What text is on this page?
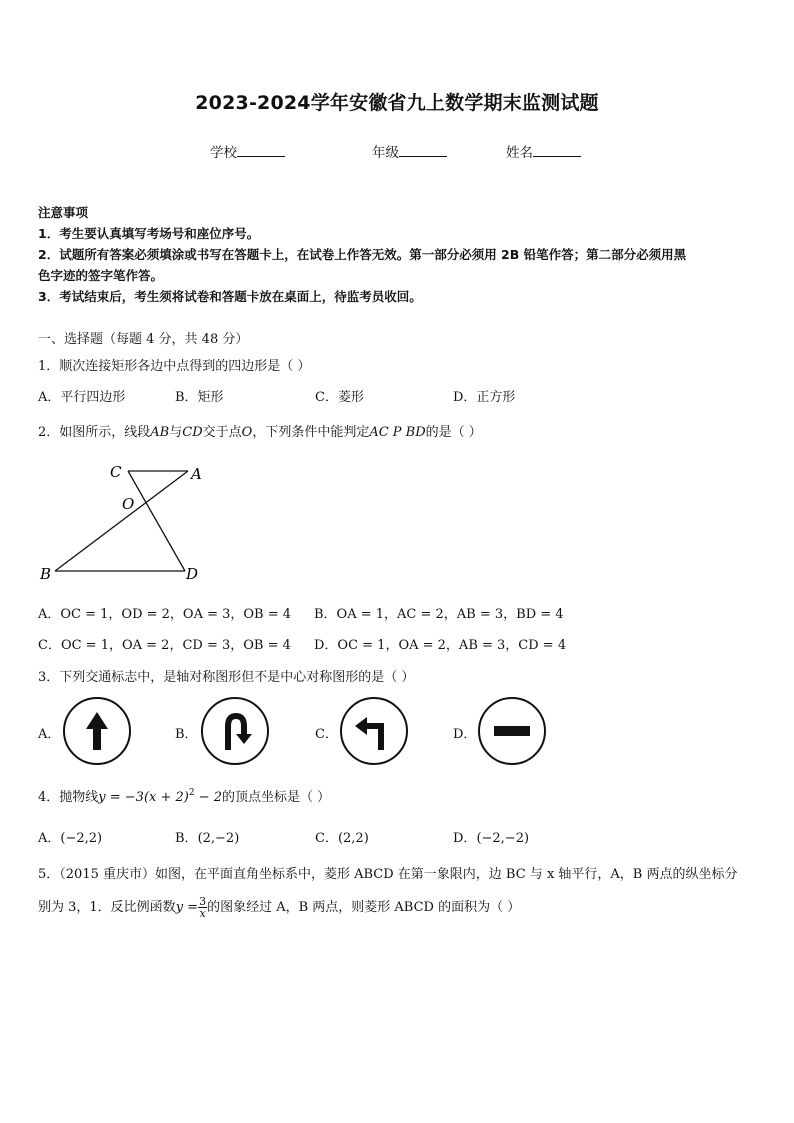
2023-2024学年安徽省九上数学期末监测试题
学校	年级	姓名
注意事项
1．考生要认真填写考场号和座位序号。
2．试题所有答案必须填涂或书写在答题卡上，在试卷上作答无效。第一部分必须用 2B 铅笔作答；第二部分必须用黑
色字迹的签字笔作答。
3．考试结束后，考生须将试卷和答题卡放在桌面上，待监考员收回。
一、选择题（每题 4 分，共 48 分）
1．顺次连接矩形各边中点得到的四边形是（ ）
A．平行四边形	B．矩形	C．菱形	D．正方形
2．如图所示，线段AB与CD交于点O，下列条件中能判定AC P BD的是（ ）
C	A
O
B	D
A．OC = 1，OD = 2，OA = 3，OB = 4 B．OA = 1，AC = 2，AB = 3，BD = 4
C．OC = 1，OA = 2，CD = 3，OB = 4 D．OC = 1，OA = 2，AB = 3，CD = 4
3．下列交通标志中，是轴对称图形但不是中心对称图形的是（ ）
A．	B．	C．	D．
4．抛物线$y = -3(x + 2)^2 - 2$的顶点坐标是（ ）
A．(−2,2)	B．(2,−2)	C．(2,2)	D．(−2,−2)
5．（2015 重庆市）如图，在平面直角坐标系中，菱形 ABCD 在第一象限内，边 BC 与 x 轴平行，A，B 两点的纵坐标分
别为 3，1．反比例函数$y = \frac{3}{x}$ 的图象经过 A，B 两点，则菱形 ABCD 的面积为（ ）
